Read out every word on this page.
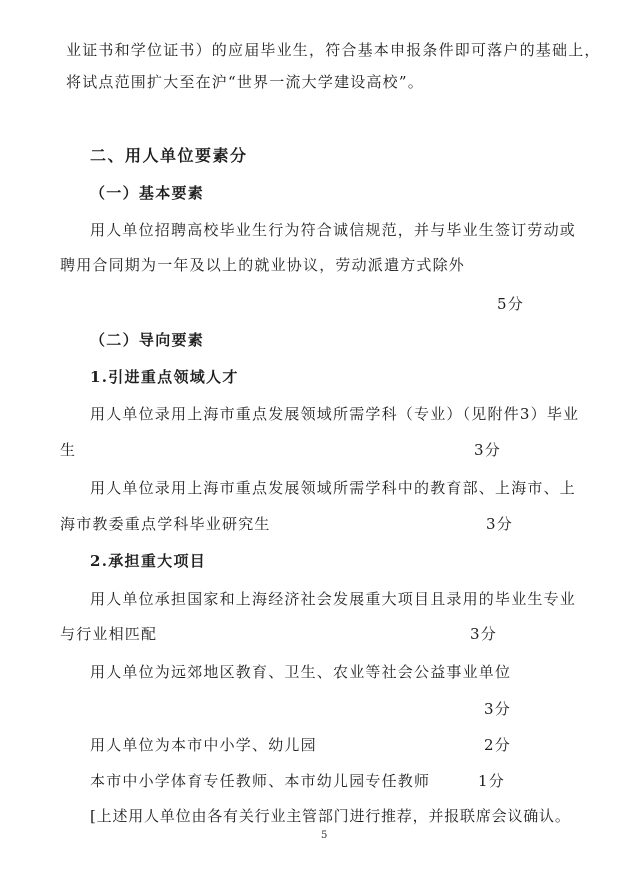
业证书和学位证书）的应届毕业生，符合基本申报条件即可落户的基础上，

将试点范围扩大至在沪“世界一流大学建设高校”。

二、用人单位要素分

（一）基本要素

用人单位招聘高校毕业生行为符合诚信规范，并与毕业生签订劳动或

聘用合同期为一年及以上的就业协议，劳动派遣方式除外

5分

（二）导向要素

1.引进重点领域人才

用人单位录用上海市重点发展领域所需学科（专业）（见附件3）毕业

生	3分

用人单位录用上海市重点发展领域所需学科中的教育部、上海市、上

海市教委重点学科毕业研究生	3分

2.承担重大项目

用人单位承担国家和上海经济社会发展重大项目且录用的毕业生专业

与行业相匹配	3分

用人单位为远郊地区教育、卫生、农业等社会公益事业单位

3分

用人单位为本市中小学、幼儿园	2分

本市中小学体育专任教师、本市幼儿园专任教师	1分

[上述用人单位由各有关行业主管部门进行推荐，并报联席会议确认。

5
